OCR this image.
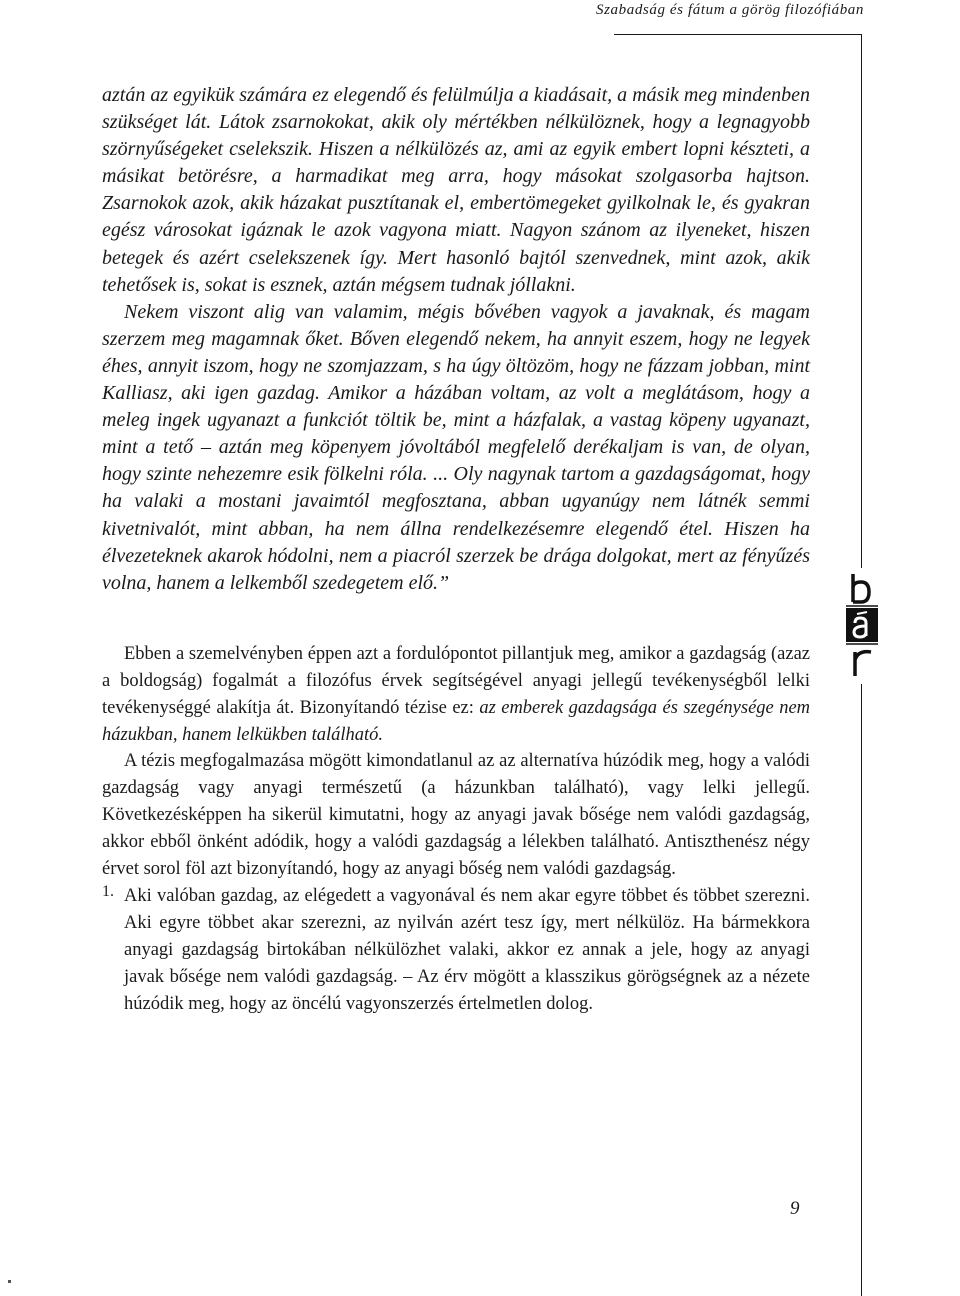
Szabadság és fátum a görög filozófiában

aztán az egyikük számára ez elegendő és felülmúlja a kiadásait, a másik meg mindenben szükséget lát. Látok zsarnokokat, akik oly mértékben nélkülöznek, hogy a legnagyobb szörnyűségeket cselekszik. Hiszen a nélkülözés az, ami az egyik embert lopni készteti, a másikat betörésre, a harmadikat meg arra, hogy másokat szolgasorba hajtson. Zsarnokok azok, akik házakat pusztítanak el, embertömegeket gyilkolnak le, és gyakran egész városokat igáznak le azok vagyona miatt. Nagyon szánom az ilyeneket, hiszen betegek és azért cselekszenek így. Mert hasonló bajtól szenvednek, mint azok, akik tehetősek is, sokat is esznek, aztán mégsem tudnak jóllakni.

Nekem viszont alig van valamim, mégis bővében vagyok a javaknak, és magam szerzem meg magamnak őket. Bőven elegendő nekem, ha annyit eszem, hogy ne legyek éhes, annyit iszom, hogy ne szomjazzam, s ha úgy öltözöm, hogy ne fázzam jobban, mint Kalliasz, aki igen gazdag. Amikor a házában voltam, az volt a meglátásom, hogy a meleg ingek ugyanazt a funkciót töltik be, mint a házfalak, a vastag köpeny ugyanazt, mint a tető – aztán meg köpenyem jóvoltából megfelelő derékaljam is van, de olyan, hogy szinte nehezemre esik fölkelni róla. ... Oly nagynak tartom a gazdagságomat, hogy ha valaki a mostani javaimtól megfosztana, abban ugyanúgy nem látnék semmi kivetnivalót, mint abban, ha nem állna rendelkezésemre elegendő étel. Hiszen ha élvezeteknek akarok hódolni, nem a piacról szerzek be drága dolgokat, mert az fényűzés volna, hanem a lelkemből szedegetem elő.”

Ebben a szemelvényben éppen azt a fordulópontot pillantjuk meg, amikor a gazdagság (azaz a boldogság) fogalmát a filozófus érvek segítségével anyagi jellegű tevékenységből lelki tevékenységgé alakítja át. Bizonyítandó tézise ez: az emberek gazdagsága és szegénysége nem házukban, hanem lelkükben található.

A tézis megfogalmazása mögött kimondatlanul az az alternatíva húzódik meg, hogy a valódi gazdagság vagy anyagi természetű (a házunkban található), vagy lelki jellegű. Következésképpen ha sikerül kimutatni, hogy az anyagi javak bősége nem valódi gazdagság, akkor ebből önként adódik, hogy a valódi gazdagság a lélekben található. Antiszthenész négy érvet sorol föl azt bizonyítandó, hogy az anyagi bőség nem valódi gazdagság.

1. Aki valóban gazdag, az elégedett a vagyonával és nem akar egyre többet és többet szerezni. Aki egyre többet akar szerezni, az nyilván azért tesz így, mert nélkülöz. Ha bármekkora anyagi gazdagság birtokában nélkülözhet valaki, akkor ez annak a jele, hogy az anyagi javak bősége nem valódi gazdagság. – Az érv mögött a klasszikus görögségnek az a nézete húzódik meg, hogy az öncélú vagyonszerzés értelmetlen dolog.

9
